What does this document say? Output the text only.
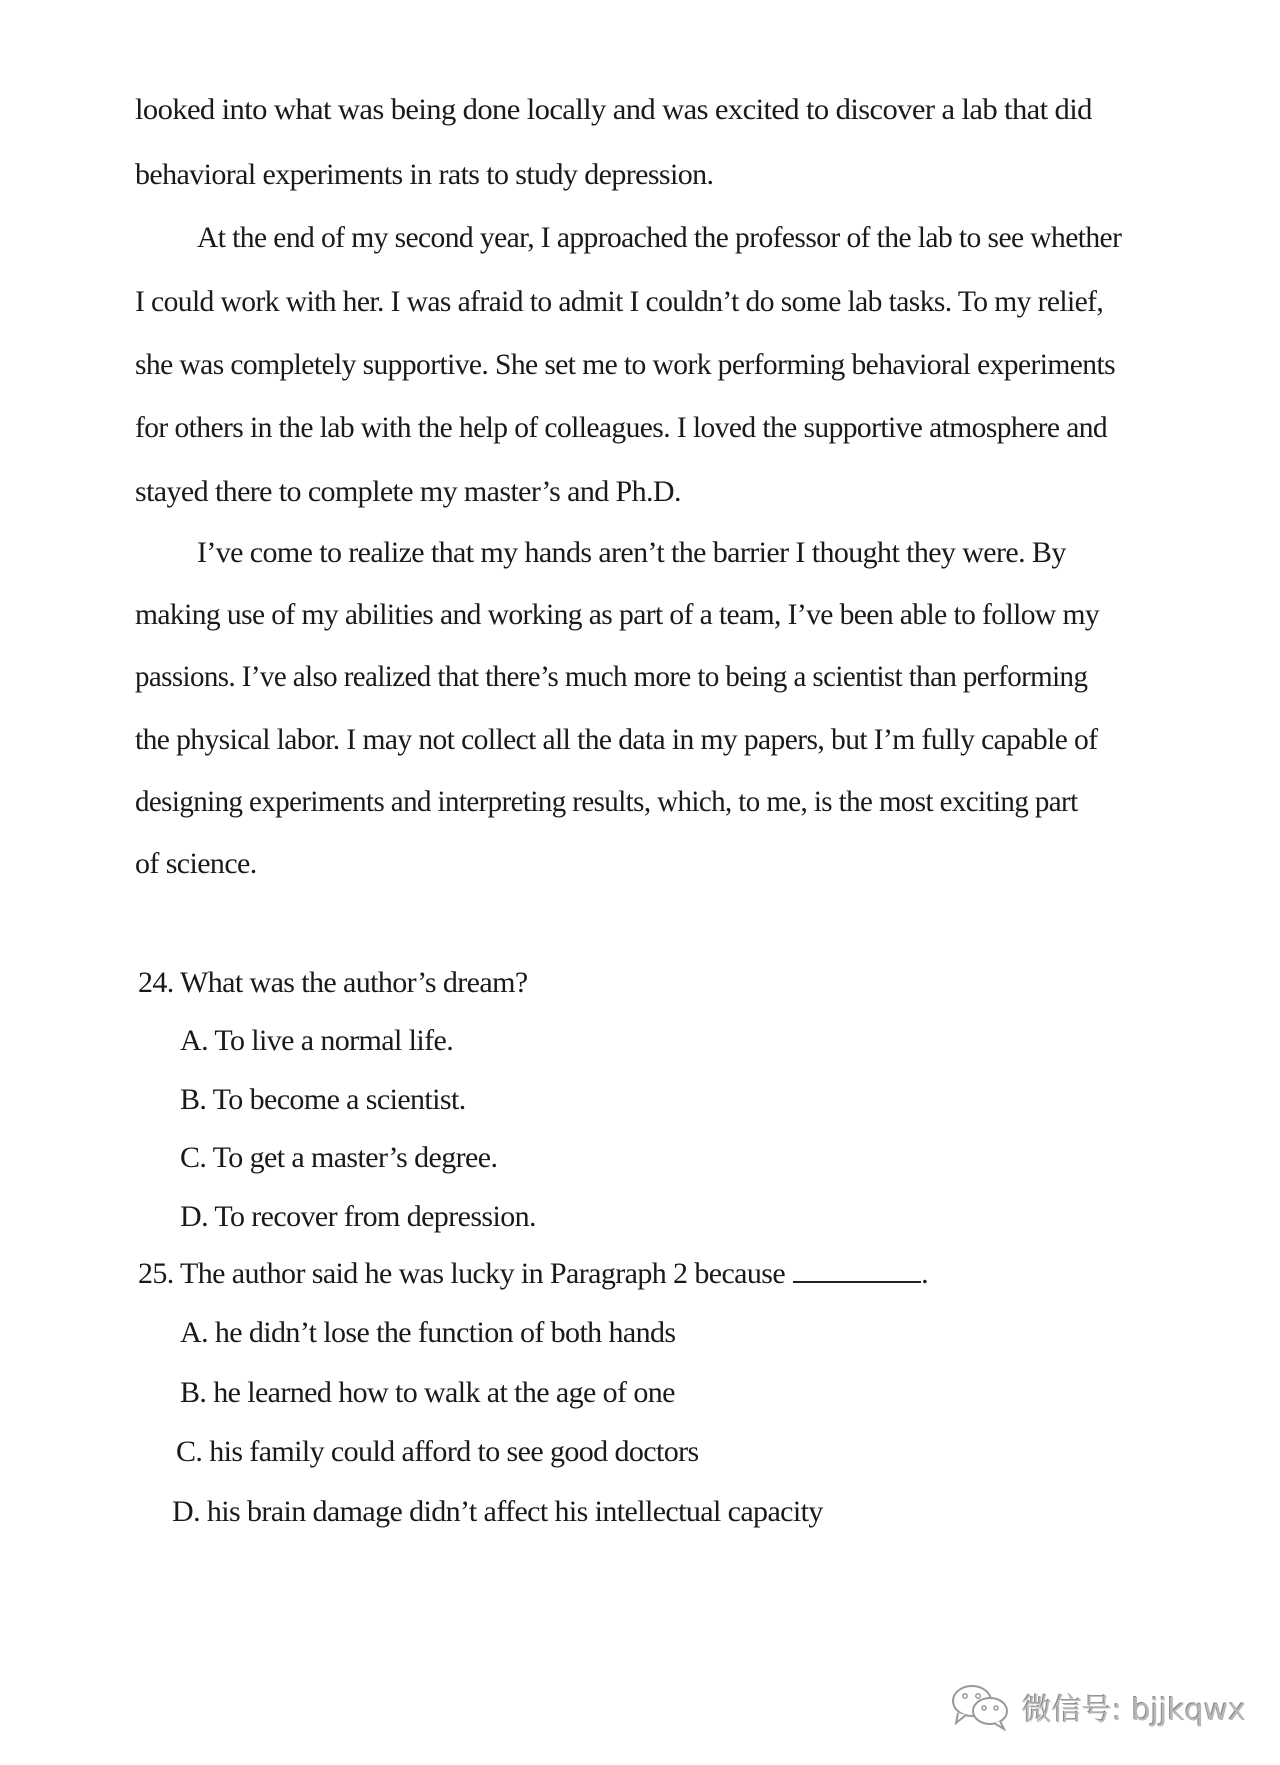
looked into what was being done locally and was excited to discover a lab that did
behavioral experiments in rats to study depression.
At the end of my second year, I approached the professor of the lab to see whether
I could work with her. I was afraid to admit I couldn’t do some lab tasks. To my relief,
she was completely supportive. She set me to work performing behavioral experiments
for others in the lab with the help of colleagues. I loved the supportive atmosphere and
stayed there to complete my master’s and Ph.D.
I’ve come to realize that my hands aren’t the barrier I thought they were. By
making use of my abilities and working as part of a team, I’ve been able to follow my
passions. I’ve also realized that there’s much more to being a scientist than performing
the physical labor. I may not collect all the data in my papers, but I’m fully capable of
designing experiments and interpreting results, which, to me, is the most exciting part
of science.
24. What was the author’s dream?
A. To live a normal life.
B. To become a scientist.
C. To get a master’s degree.
D. To recover from depression.
25. The author said he was lucky in Paragraph 2 because	.
A. he didn’t lose the function of both hands
B. he learned how to walk at the age of one
C. his family could afford to see good doctors
D. his brain damage didn’t affect his intellectual capacity
微信号: bjjkqwx
